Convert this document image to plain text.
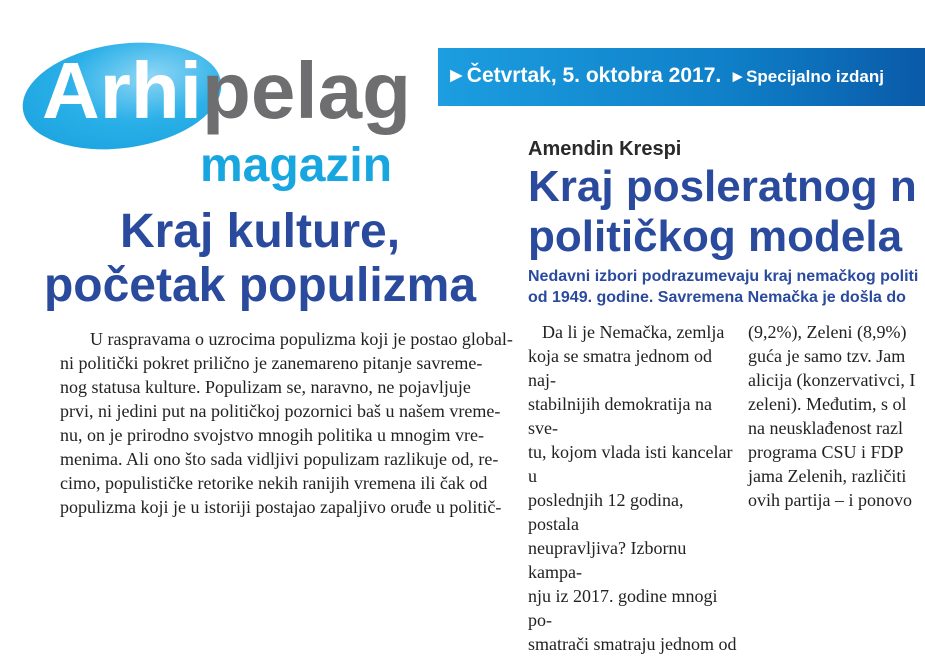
Arhipelag
magazin
►Četvrtak, 5. oktobra 2017. ►Specijalno izdanj
Kraj kulture,
početak populizma
U raspravama o uzrocima populizma koji je postao global-
ni politički pokret prilično je zanemareno pitanje savreme-
nog statusa kulture. Populizam se, naravno, ne pojavljuje
prvi, ni jedini put na političkoj pozornici baš u našem vreme-
nu, on je prirodno svojstvo mnogih politika u mnogim vre-
menima. Ali ono što sada vidljivi populizam razlikuje od, re-
cimo, populističke retorike nekih ranijih vremena ili čak od
populizma koji je u istoriji postajao zapaljivo oruđe u politič-
Amendin Krespi
Kraj posleratnog n
političkog modela
Nedavni izbori podrazumevaju kraj nemačkog politi
od 1949. godine. Savremena Nemačka je došla do
Da li je Nemačka, zemlja
koja se smatra jednom od naj-
stabilnijih demokratija na sve-
tu, kojom vlada isti kancelar u
poslednjih 12 godina, postala
neupravljiva? Izbornu kampa-
nju iz 2017. godine mnogi po-
smatrači smatraju jednom od
(9,2%), Zeleni (8,9%)
guća je samo tzv. Jam
alicija (konzervativci, I
zeleni). Međutim, s ol
na neusklađenost razl
programa CSU i FDP
jama Zelenih, različiti
ovih partija – i ponovo
